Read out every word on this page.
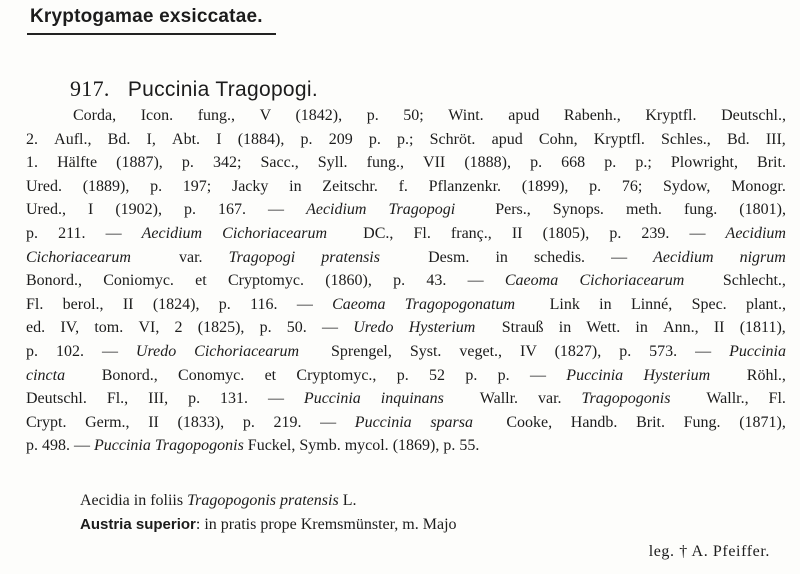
Kryptogamae exsiccatae.
917. Puccinia Tragopogi.
Corda, Icon. fung., V (1842), p. 50; Wint. apud Rabenh., Kryptfl. Deutschl.,
2. Aufl., Bd. I, Abt. I (1884), p. 209 p. p.; Schröt. apud Cohn, Kryptfl. Schles., Bd. III,
1. Hälfte (1887), p. 342; Sacc., Syll. fung., VII (1888), p. 668 p. p.; Plowright, Brit.
Ured. (1889), p. 197; Jacky in Zeitschr. f. Pflanzenkr. (1899), p. 76; Sydow, Monogr.
Ured., I (1902), p. 167. — Aecidium Tragopogi
	Pers., Synops. meth. fung. (1801),
p. 211. — Aecidium Cichoriacearum
DC., Fl. franç., II (1805), p. 239. — Aecidium
Cichoriacearum
	var. Tragopogi pratensis
	Desm. in schedis. — Aecidium nigrum
Bonord., Coniomyc. et Cryptomyc. (1860), p. 43. — Caeoma Cichoriacearum
Schlecht.,
Fl. berol., II (1824), p. 116. — Caeoma Tragopogonatum
Link in Linné, Spec. plant.,
ed. IV, tom. VI, 2 (1825), p. 50. — Uredo Hysterium
Strauß in Wett. in Ann., II (1811),
p. 102. — Uredo Cichoriacearum
Sprengel, Syst. veget., IV (1827), p. 573. — Puccinia
cincta
Bonord., Conomyc. et Cryptomyc., p. 52 p. p. — Puccinia Hysterium
Röhl.,
Deutschl. Fl., III, p. 131. — Puccinia inquinans
Wallr. var. Tragopogonis
Wallr., Fl.
Crypt. Germ., II (1833), p. 219. — Puccinia sparsa
Cooke, Handb. Brit. Fung. (1871),
p. 498. — Puccinia Tragopogonis
Fuckel, Symb. mycol. (1869), p. 55.
Aecidia in foliis Tragopogonis pratensis L.
Austria superior: in pratis prope Kremsmünster, m. Majo
leg. † A. Pfeiffer.
